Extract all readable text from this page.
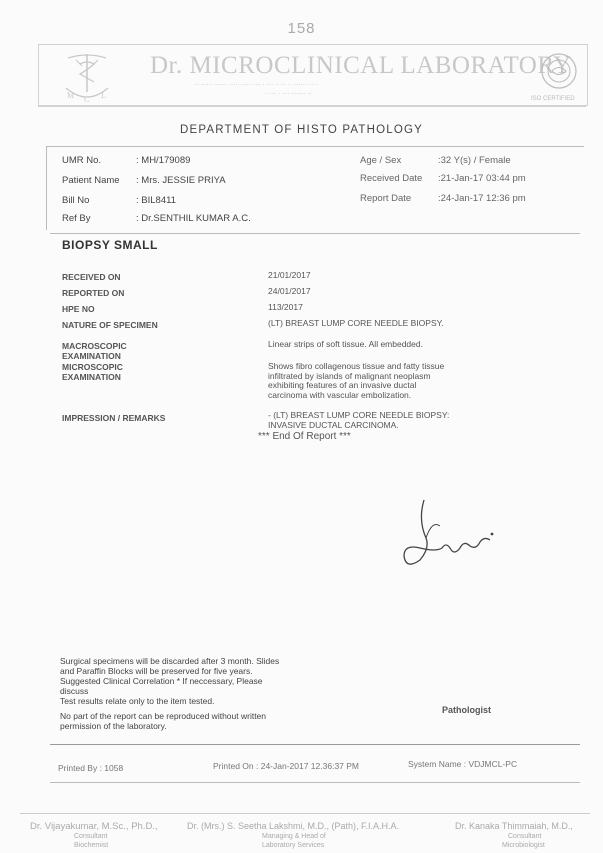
158
M C L
Dr. MICROCLINICAL LABORATORY
... ...... ....... ...... ...... .... . .... .. ... .. ........ ... .
. . ... . .... ........ ...
ISO CERTIFIED
DEPARTMENT OF HISTO PATHOLOGY
UMR No.	: MH/179089
Patient Name : Mrs. JESSIE PRIYA
Bill No	: BIL8411
Ref By	: Dr.SENTHIL KUMAR A.C.
Age / Sex	:32 Y(s) / Female
Received Date :21-Jan-17 03:44 pm
Report Date	:24-Jan-17 12:36 pm
BIOPSY SMALL
RECEIVED ON	21/01/2017
REPORTED ON	24/01/2017
HPE NO	113/2017
NATURE OF SPECIMEN	(LT) BREAST LUMP CORE NEEDLE BIOPSY.
MACROSCOPIC
EXAMINATION
Linear strips of soft tissue. All embedded.
MICROSCOPIC
EXAMINATION
Shows fibro collagenous tissue and fatty tissue
infiltrated by islands of malignant neoplasm
exhibiting features of an invasive ductal
carcinoma with vascular embolization.
IMPRESSION / REMARKS	- (LT) BREAST LUMP CORE NEEDLE BIOPSY:
INVASIVE DUCTAL CARCINOMA.
*** End Of Report ***
Surgical specimens will be discarded after 3 month. Slides
and Paraffin Blocks will be preserved for five years.
Suggested Clinical Correlation * If neccessary, Please
discuss
Test results relate only to the item tested.
No part of the report can be reproduced without written
permission of the laboratory.
Pathologist
Printed By : 1058	Printed On : 24-Jan-2017 12.36:37 PM	System Name : VDJMCL-PC
Dr. Vijayakumar, M.Sc., Ph.D.,
Consultant
Biochemist
Dr. (Mrs.) S. Seetha Lakshmi, M.D., (Path), F.I.A.H.A.
Managing & Head of
Laboratory Services
Dr. Kanaka Thimmaiah, M.D.,
Consultant
Microbiologist
